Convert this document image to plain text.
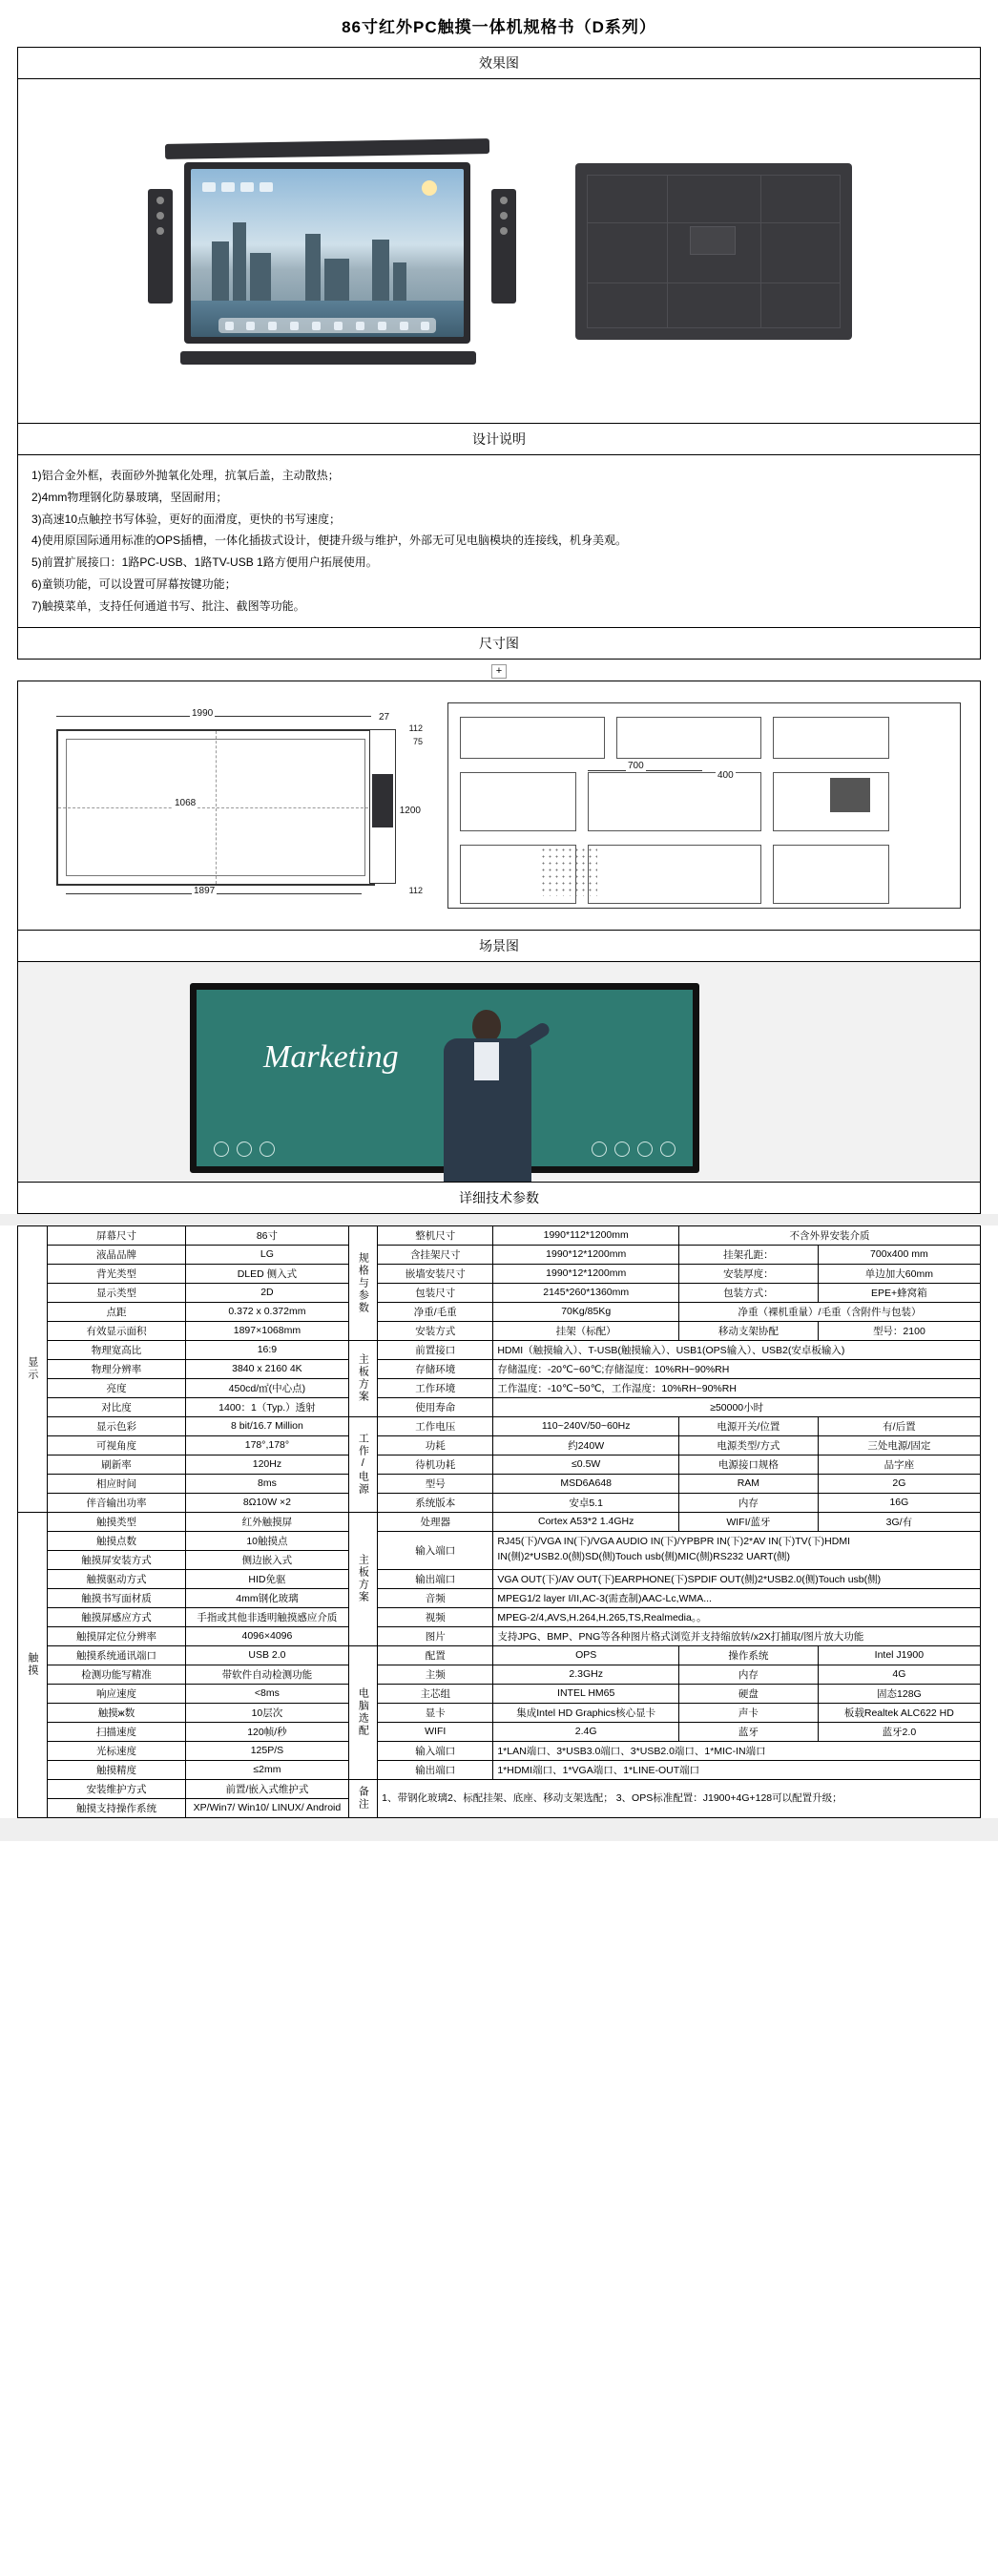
86寸红外PC触摸一体机规格书（D系列）
效果图
设计说明
1)铝合金外框，表面砂外抛氧化处理，抗氧后盖，主动散热；
2)4mm物理钢化防暴玻璃，坚固耐用；
3)高速10点触控书写体验，更好的面滑度，更快的书写速度；
4)使用原国际通用标准的OPS插槽，一体化插拔式设计，便捷升级与维护，外部无可见电脑模块的连接线，机身美观。
5)前置扩展接口：1路PC-USB、1路TV-USB 1路方便用户拓展使用。
6)童锁功能，可以设置可屏幕按键功能；
7)触摸菜单，支持任何通道书写、批注、截图等功能。
尺寸图
+
1990
1068
1897
27
1200
112
75
112
700
400
场景图
Marketing
详细技术参数
显示	屏幕尺寸	86寸	规格与参数	整机尺寸	1990*112*1200mm	不含外界安装介质	
	液晶品牌	LG		含挂架尺寸	1990*12*1200mm	挂架孔距：	700x400 mm
	背光类型	DLED 侧入式		嵌墙安装尺寸	1990*12*1200mm	安装厚度：	单边加大60mm
	显示类型	2D		包装尺寸	2145*260*1360mm	包装方式：	EPE+蜂窝箱
	点距	0.372 x 0.372mm		净重/毛重	70Kg/85Kg	净重（裸机重量）/毛重（含附件与包装）	
	有效显示面积	1897×1068mm		安装方式	挂架（标配）	移动支架协配	型号：2100
	物理宽高比	16:9	主板方案	前置接口	HDMI（触摸输入）、T-USB(触摸输入）、USB1(OPS输入）、USB2(安卓板输入)		
	物理分辨率	3840 x 2160 4K		存储环境	存储温度：-20℃~60℃;存储湿度：10%RH~90%RH		
	亮度	450cd/㎡(中心点)		工作环境	工作温度：-10℃~50℃，工作湿度：10%RH~90%RH		
	对比度	1400：1（Typ.）透射		使用寿命	≥50000小时		
	显示色彩	8 bit/16.7 Million	工作/电源	工作电压	110~240V/50~60Hz	电源开关/位置	有/后置
	可视角度	178°,178°		功耗	约240W	电源类型/方式	三处电源/固定
	刷新率	120Hz		待机功耗	≤0.5W	电源接口规格	品字座
	相应时间	8ms		型号	MSD6A648	RAM	2G
	伴音输出功率	8Ω10W ×2		系统版本	安卓5.1	内存	16G
触摸	触摸类型	红外触摸屏	主板方案	处理器	Cortex A53*2 1.4GHz	WIFI/蓝牙	3G/有
	触摸点数	10触摸点		输入端口	RJ45(下)/VGA IN(下)/VGA AUDIO IN(下)/YPBPR IN(下)2*AV IN(下)TV(下)HDMI IN(侧)2*USB2.0(侧)SD(侧)Touch usb(侧)MIC(侧)RS232 UART(侧)		
	触摸屏安装方式	侧边嵌入式					
	触摸驱动方式	HID免驱		输出端口	VGA OUT(下)/AV OUT(下)EARPHONE(下)SPDIF OUT(侧)2*USB2.0(侧)Touch usb(侧)		
	触摸书写面材质	4mm钢化玻璃		音频	MPEG1/2 layer I/II,AC-3(需查制)AAC-Lc,WMA...		
	触摸屏感应方式	手指或其他非透明触摸感应介质		视频	MPEG-2/4,AVS,H.264,H.265,TS,Realmedia。。		
	触摸屏定位分辨率	4096×4096		图片	支持JPG、BMP、PNG等各种图片格式浏览并支持缩放转/x2X打捕取/图片放大功能		
	触摸系统通讯端口	USB 2.0	电脑选配	配置	OPS	操作系统	Intel J1900
	检测功能写精准	带软件自动检测功能		主频	2.3GHz	内存	4G
	响应速度	<8ms		主芯组	INTEL HM65	硬盘	固态128G
	触摸ж数	10层次		显卡	集成Intel HD Graphics核心显卡	声卡	板载Realtek ALC622 HD
	扫描速度	120帧/秒		WIFI	2.4G	蓝牙	蓝牙2.0
	光标速度	125P/S		输入端口	1*LAN端口、3*USB3.0端口、3*USB2.0端口、1*MIC-IN端口		
	触摸精度	≤2mm		输出端口	1*HDMI端口、1*VGA端口、1*LINE-OUT端口		
	安装维护方式	前置/嵌入式维护式	备注	1、带钢化玻璃2、标配挂架、底座、移动支架选配； 3、OPS标准配置：J1900+4G+128可以配置升级；			
	触摸支持操作系统	XP/Win7/ Win10/ LINUX/ Android					
